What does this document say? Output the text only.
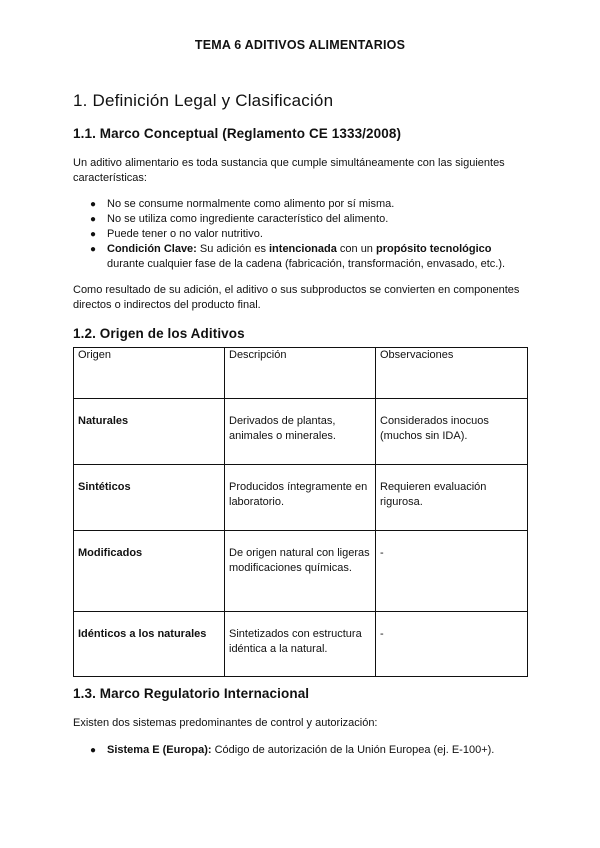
TEMA 6 ADITIVOS ALIMENTARIOS
1. Definición Legal y Clasificación
1.1. Marco Conceptual (Reglamento CE 1333/2008)
Un aditivo alimentario es toda sustancia que cumple simultáneamente con las siguientes características:
● No se consume normalmente como alimento por sí misma.
● No se utiliza como ingrediente característico del alimento.
● Puede tener o no valor nutritivo.
● Condición Clave: Su adición es intencionada con un propósito tecnológico durante cualquier fase de la cadena (fabricación, transformación, envasado, etc.).
Como resultado de su adición, el aditivo o sus subproductos se convierten en componentes directos o indirectos del producto final.
1.2. Origen de los Aditivos
Origen	Descripción	Observaciones

Naturales	Derivados de plantas, animales o minerales.	Considerados inocuos (muchos sin IDA).

Sintéticos	Producidos íntegramente en laboratorio.	Requieren evaluación rigurosa.

Modificados	De origen natural con ligeras modificaciones químicas.	-

Idénticos a los naturales	Sintetizados con estructura idéntica a la natural.	-
1.3. Marco Regulatorio Internacional
Existen dos sistemas predominantes de control y autorización:
● Sistema E (Europa): Código de autorización de la Unión Europea (ej. E-100+).
